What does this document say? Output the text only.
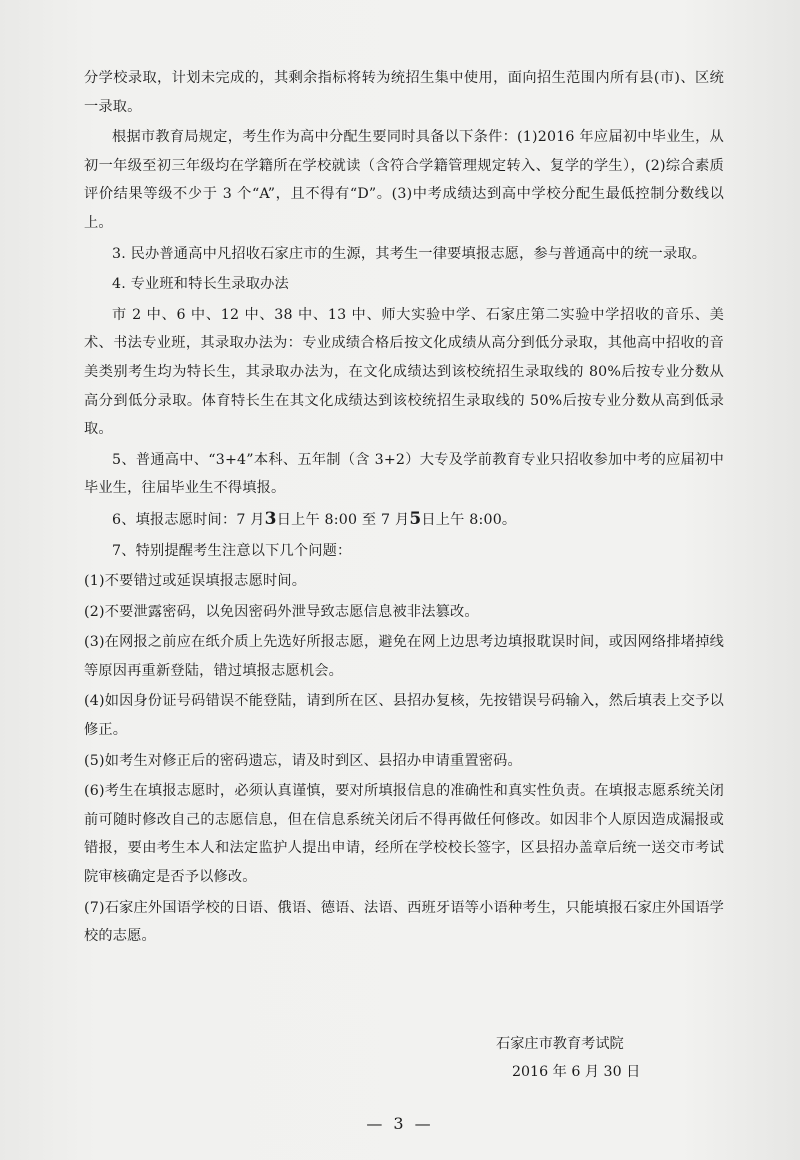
分学校录取，计划未完成的，其剩余指标将转为统招生集中使用，面向招生范围内所有县(市)、区统一录取。

根据市教育局规定，考生作为高中分配生要同时具备以下条件：(1)2016 年应届初中毕业生，从初一年级至初三年级均在学籍所在学校就读（含符合学籍管理规定转入、复学的学生），(2)综合素质评价结果等级不少于 3 个“A”，且不得有“D”。(3)中考成绩达到高中学校分配生最低控制分数线以上。

3. 民办普通高中凡招收石家庄市的生源，其考生一律要填报志愿，参与普通高中的统一录取。

4. 专业班和特长生录取办法

市 2 中、6 中、12 中、38 中、13 中、师大实验中学、石家庄第二实验中学招收的音乐、美术、书法专业班，其录取办法为：专业成绩合格后按文化成绩从高分到低分录取，其他高中招收的音美类别考生均为特长生，其录取办法为，在文化成绩达到该校统招生录取线的 80%后按专业分数从高分到低分录取。体育特长生在其文化成绩达到该校统招生录取线的 50%后按专业分数从高到低录取。

5、普通高中、“3+4”本科、五年制（含 3+2）大专及学前教育专业只招收参加中考的应届初中毕业生，往届毕业生不得填报。

6、填报志愿时间：7 月3日上午 8:00 至 7 月5日上午 8:00。

7、特别提醒考生注意以下几个问题：

(1)不要错过或延误填报志愿时间。

(2)不要泄露密码，以免因密码外泄导致志愿信息被非法篡改。

(3)在网报之前应在纸介质上先选好所报志愿，避免在网上边思考边填报耽误时间，或因网络排堵掉线等原因再重新登陆，错过填报志愿机会。

(4)如因身份证号码错误不能登陆，请到所在区、县招办复核，先按错误号码输入，然后填表上交予以修正。

(5)如考生对修正后的密码遗忘，请及时到区、县招办申请重置密码。

(6)考生在填报志愿时，必须认真谨慎，要对所填报信息的准确性和真实性负责。在填报志愿系统关闭前可随时修改自己的志愿信息，但在信息系统关闭后不得再做任何修改。如因非个人原因造成漏报或错报，要由考生本人和法定监护人提出申请，经所在学校校长签字，区县招办盖章后统一送交市考试院审核确定是否予以修改。

(7)石家庄外国语学校的日语、俄语、德语、法语、西班牙语等小语种考生，只能填报石家庄外国语学校的志愿。

石家庄市教育考试院
2016 年 6 月 30 日
— 3 —
